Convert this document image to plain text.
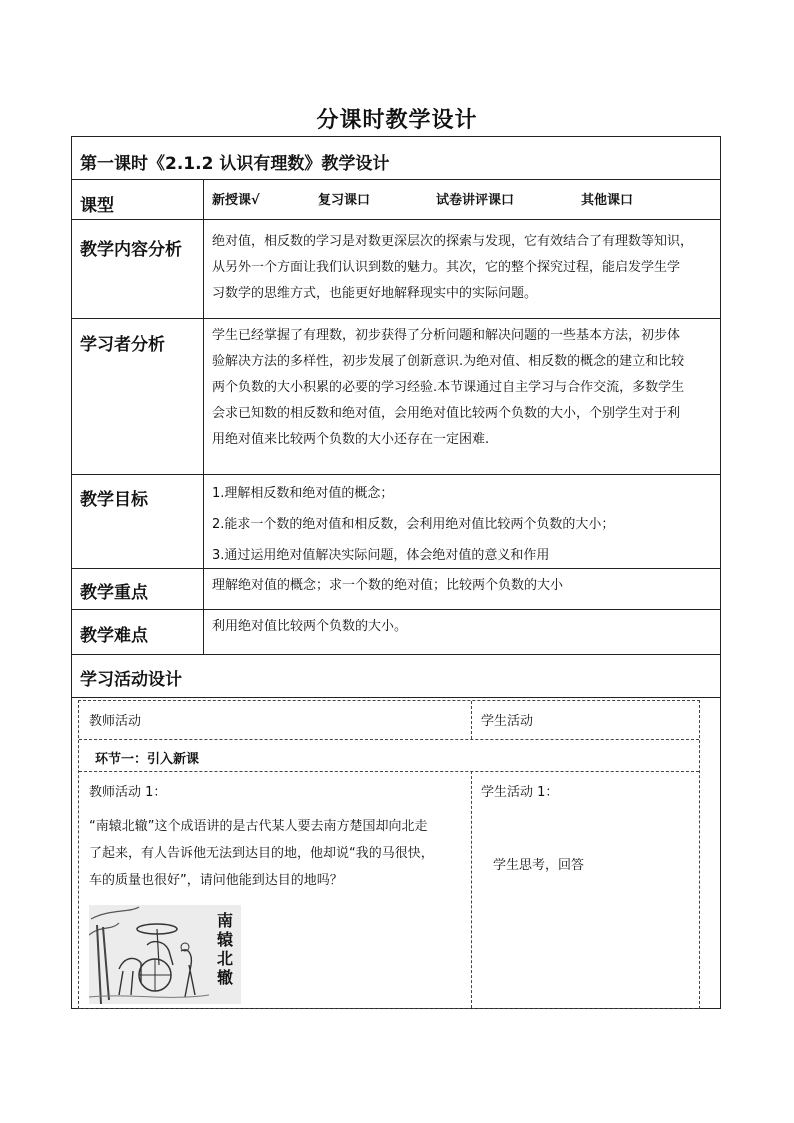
分课时教学设计
第一课时《2.1.2 认识有理数》教学设计
课型	新授课√	复习课口	试卷讲评课口	其他课口
教学内容分析 绝对值，相反数的学习是对数更深层次的探索与发现，它有效结合了有理数等知识，
从另外一个方面让我们认识到数的魅力。其次，它的整个探究过程，能启发学生学
习数学的思维方式，也能更好地解释现实中的实际问题。
学习者分析	学生已经掌握了有理数，初步获得了分析问题和解决问题的一些基本方法，初步体
验解决方法的多样性，初步发展了创新意识.为绝对值、相反数的概念的建立和比较
两个负数的大小积累的必要的学习经验.本节课通过自主学习与合作交流，多数学生
会求已知数的相反数和绝对值，会用绝对值比较两个负数的大小，个别学生对于利
用绝对值来比较两个负数的大小还存在一定困难.
教学目标	1.理解相反数和绝对值的概念；
2.能求一个数的绝对值和相反数，会利用绝对值比较两个负数的大小；
3.通过运用绝对值解决实际问题，体会绝对值的意义和作用
教学重点	理解绝对值的概念；求一个数的绝对值；比较两个负数的大小
教学难点	利用绝对值比较两个负数的大小。
学习活动设计
教师活动	学生活动
环节一：引入新课
教师活动 1：
“南辕北辙”这个成语讲的是古代某人要去南方楚国却向北走
了起来，有人告诉他无法到达目的地，他却说“我的马很快，
车的质量也很好”，请问他能到达目的地吗？
南辕北辙
学生活动 1：
学生思考，回答
